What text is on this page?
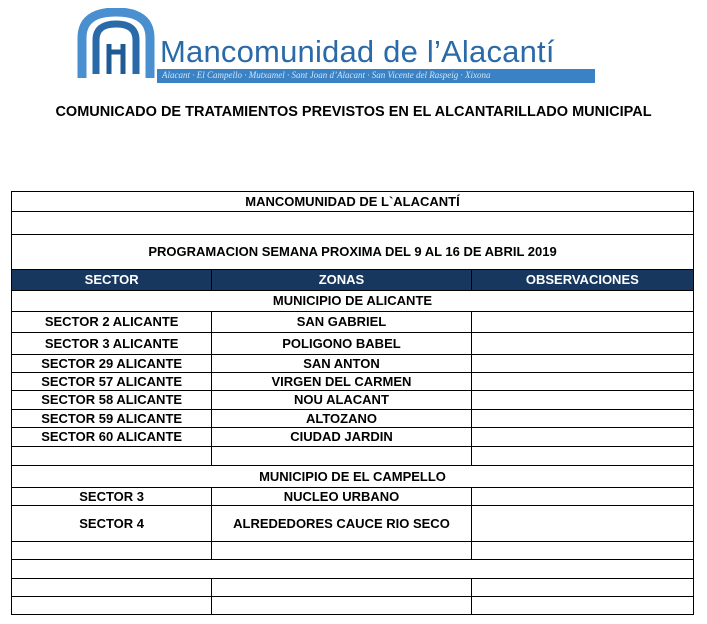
Mancomunidad de l’Alacantí
Alacant · El Campello · Mutxamel · Sant Joan d’Alacant · San Vicente del Raspeig · Xixona
COMUNICADO DE TRATAMIENTOS PREVISTOS EN EL ALCANTARILLADO MUNICIPAL
MANCOMUNIDAD DE L`ALACANTÍ		

PROGRAMACION SEMANA PROXIMA DEL 9 AL 16 DE ABRIL 2019		
SECTOR	ZONAS	OBSERVACIONES
MUNICIPIO DE ALICANTE		
SECTOR 2 ALICANTE	SAN GABRIEL	
SECTOR 3 ALICANTE	POLIGONO BABEL	
SECTOR 29 ALICANTE	SAN ANTON	
SECTOR 57 ALICANTE	VIRGEN DEL CARMEN	
SECTOR 58 ALICANTE	NOU ALACANT	
SECTOR 59 ALICANTE	ALTOZANO	
SECTOR 60 ALICANTE	CIUDAD JARDIN	

MUNICIPIO DE EL CAMPELLO		
SECTOR 3	NUCLEO URBANO	
SECTOR 4	ALREDEDORES CAUCE RIO SECO	
